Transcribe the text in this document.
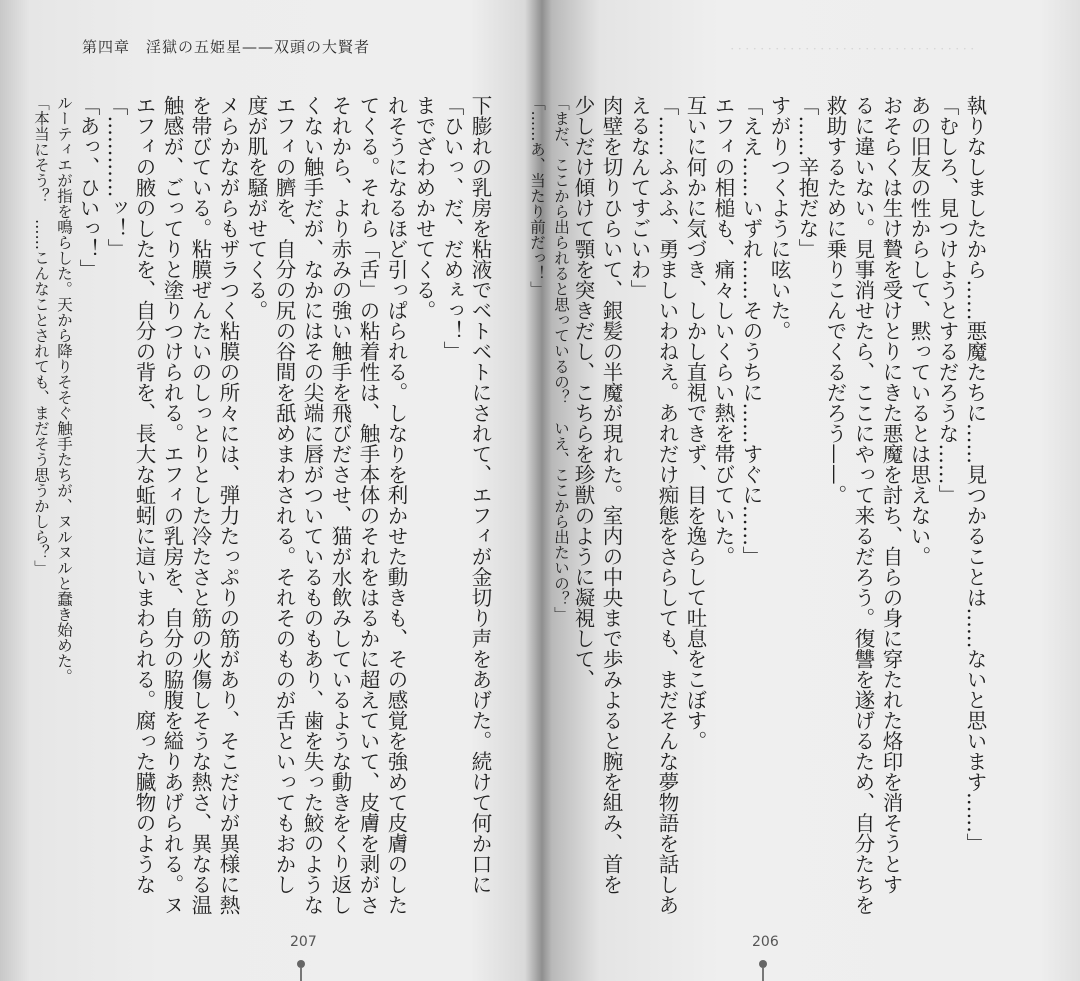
第四章　淫獄の五姫星——双頭の大賢者
下膨れの乳房を粘液でベトベトにされて、エフィが金切り声をあげた。続けて何か口に
「ひいっ、だ、だめぇっ！」
までざわめかせてくる。
れそうになるほど引っぱられる。しなりを利かせた動きも、その感覚を強めて皮膚のした
てくる。それら「舌」の粘着性は、触手本体のそれをはるかに超えていて、皮膚を剥がさ
それから、より赤みの強い触手を飛びださせ、猫が水飲みしているような動きをくり返し
くない触手だが、なかにはその尖端に唇がついているものもあり、歯を失った鮫のような
エフィの臍を、自分の尻の谷間を舐めまわされる。それそのものが舌といってもおかし
度が肌を騒がせてくる。
メらかながらもザラつく粘膜の所々には、弾力たっぷりの筋があり、そこだけが異様に熱
を帯びている。粘膜ぜんたいのしっとりとした冷たさと筋の火傷しそうな熱さ、異なる温
触感が、ごってりと塗りつけられる。エフィの乳房を、自分の脇腹を縊りあげられる。ヌ
エフィの腋のしたを、自分の背を、長大な蚯蚓に這いまわられる。腐った臓物のような
「…………ッ！」
「あっ、ひいっ！」
ルーティエが指を鳴らした。天から降りそそぐ触手たちが、ヌルヌルと蠢き始めた。
「本当にそう？　……こんなことされても、まだそう思うかしら？」
207
･････････････････････････････････
執りなしましたから……悪魔たちに……見つかることは……ないと思います……」
「むしろ、見つけようとするだろうな……」
あの旧友の性からして、黙っているとは思えない。
おそらくは生け贄を受けとりにきた悪魔を討ち、自らの身に穿たれた烙印を消そうとす
るに違いない。見事消せたら、ここにやって来るだろう。復讐を遂げるため、自分たちを
救助するために乗りこんでくるだろう——。
「……辛抱だな」
すがりつくように呟いた。
「ええ……いずれ……そのうちに……すぐに……」
エフィの相槌も、痛々しいくらい熱を帯びていた。
互いに何かに気づき、しかし直視できず、目を逸らして吐息をこぼす。
「……ふふふ、勇ましいわねえ。あれだけ痴態をさらしても、まだそんな夢物語を話しあ
えるなんてすごいわ」
肉壁を切りひらいて、銀髪の半魔が現れた。室内の中央まで歩みよると腕を組み、首を
少しだけ傾けて顎を突きだし、こちらを珍獣のように凝視して、
「まだ、ここから出られると思っているの？　いえ、ここから出たいの？」
「……あ、当たり前だっ！」
206
